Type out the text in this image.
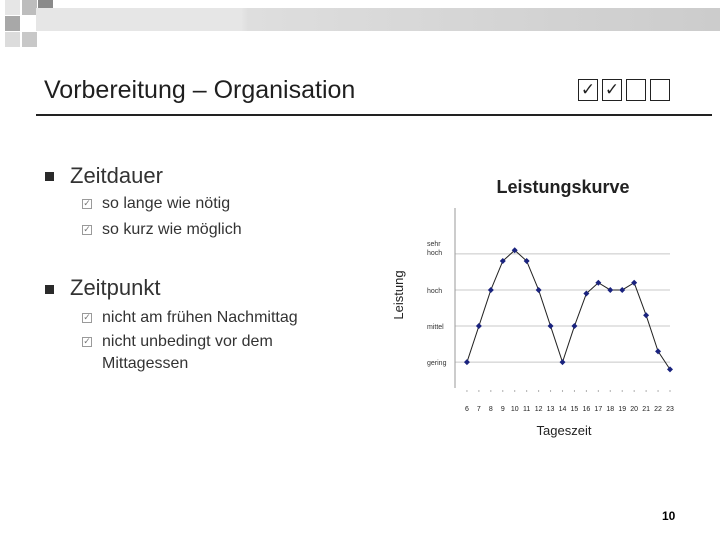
Vorbereitung – Organisation	✓ ✓
Zeitdauer
✓ so lange wie nötig
✓ so kurz wie möglich
Zeitpunkt
✓ nicht am frühen Nachmittag
✓ nicht unbedingt vor dem Mittagessen
Leistungskurve
sehr hoch
hoch
mittel
gering
Leistung
6 7 8 9 10 11 12 13 14 15 16 17 18 19 20 21 22 23
Tageszeit
10
